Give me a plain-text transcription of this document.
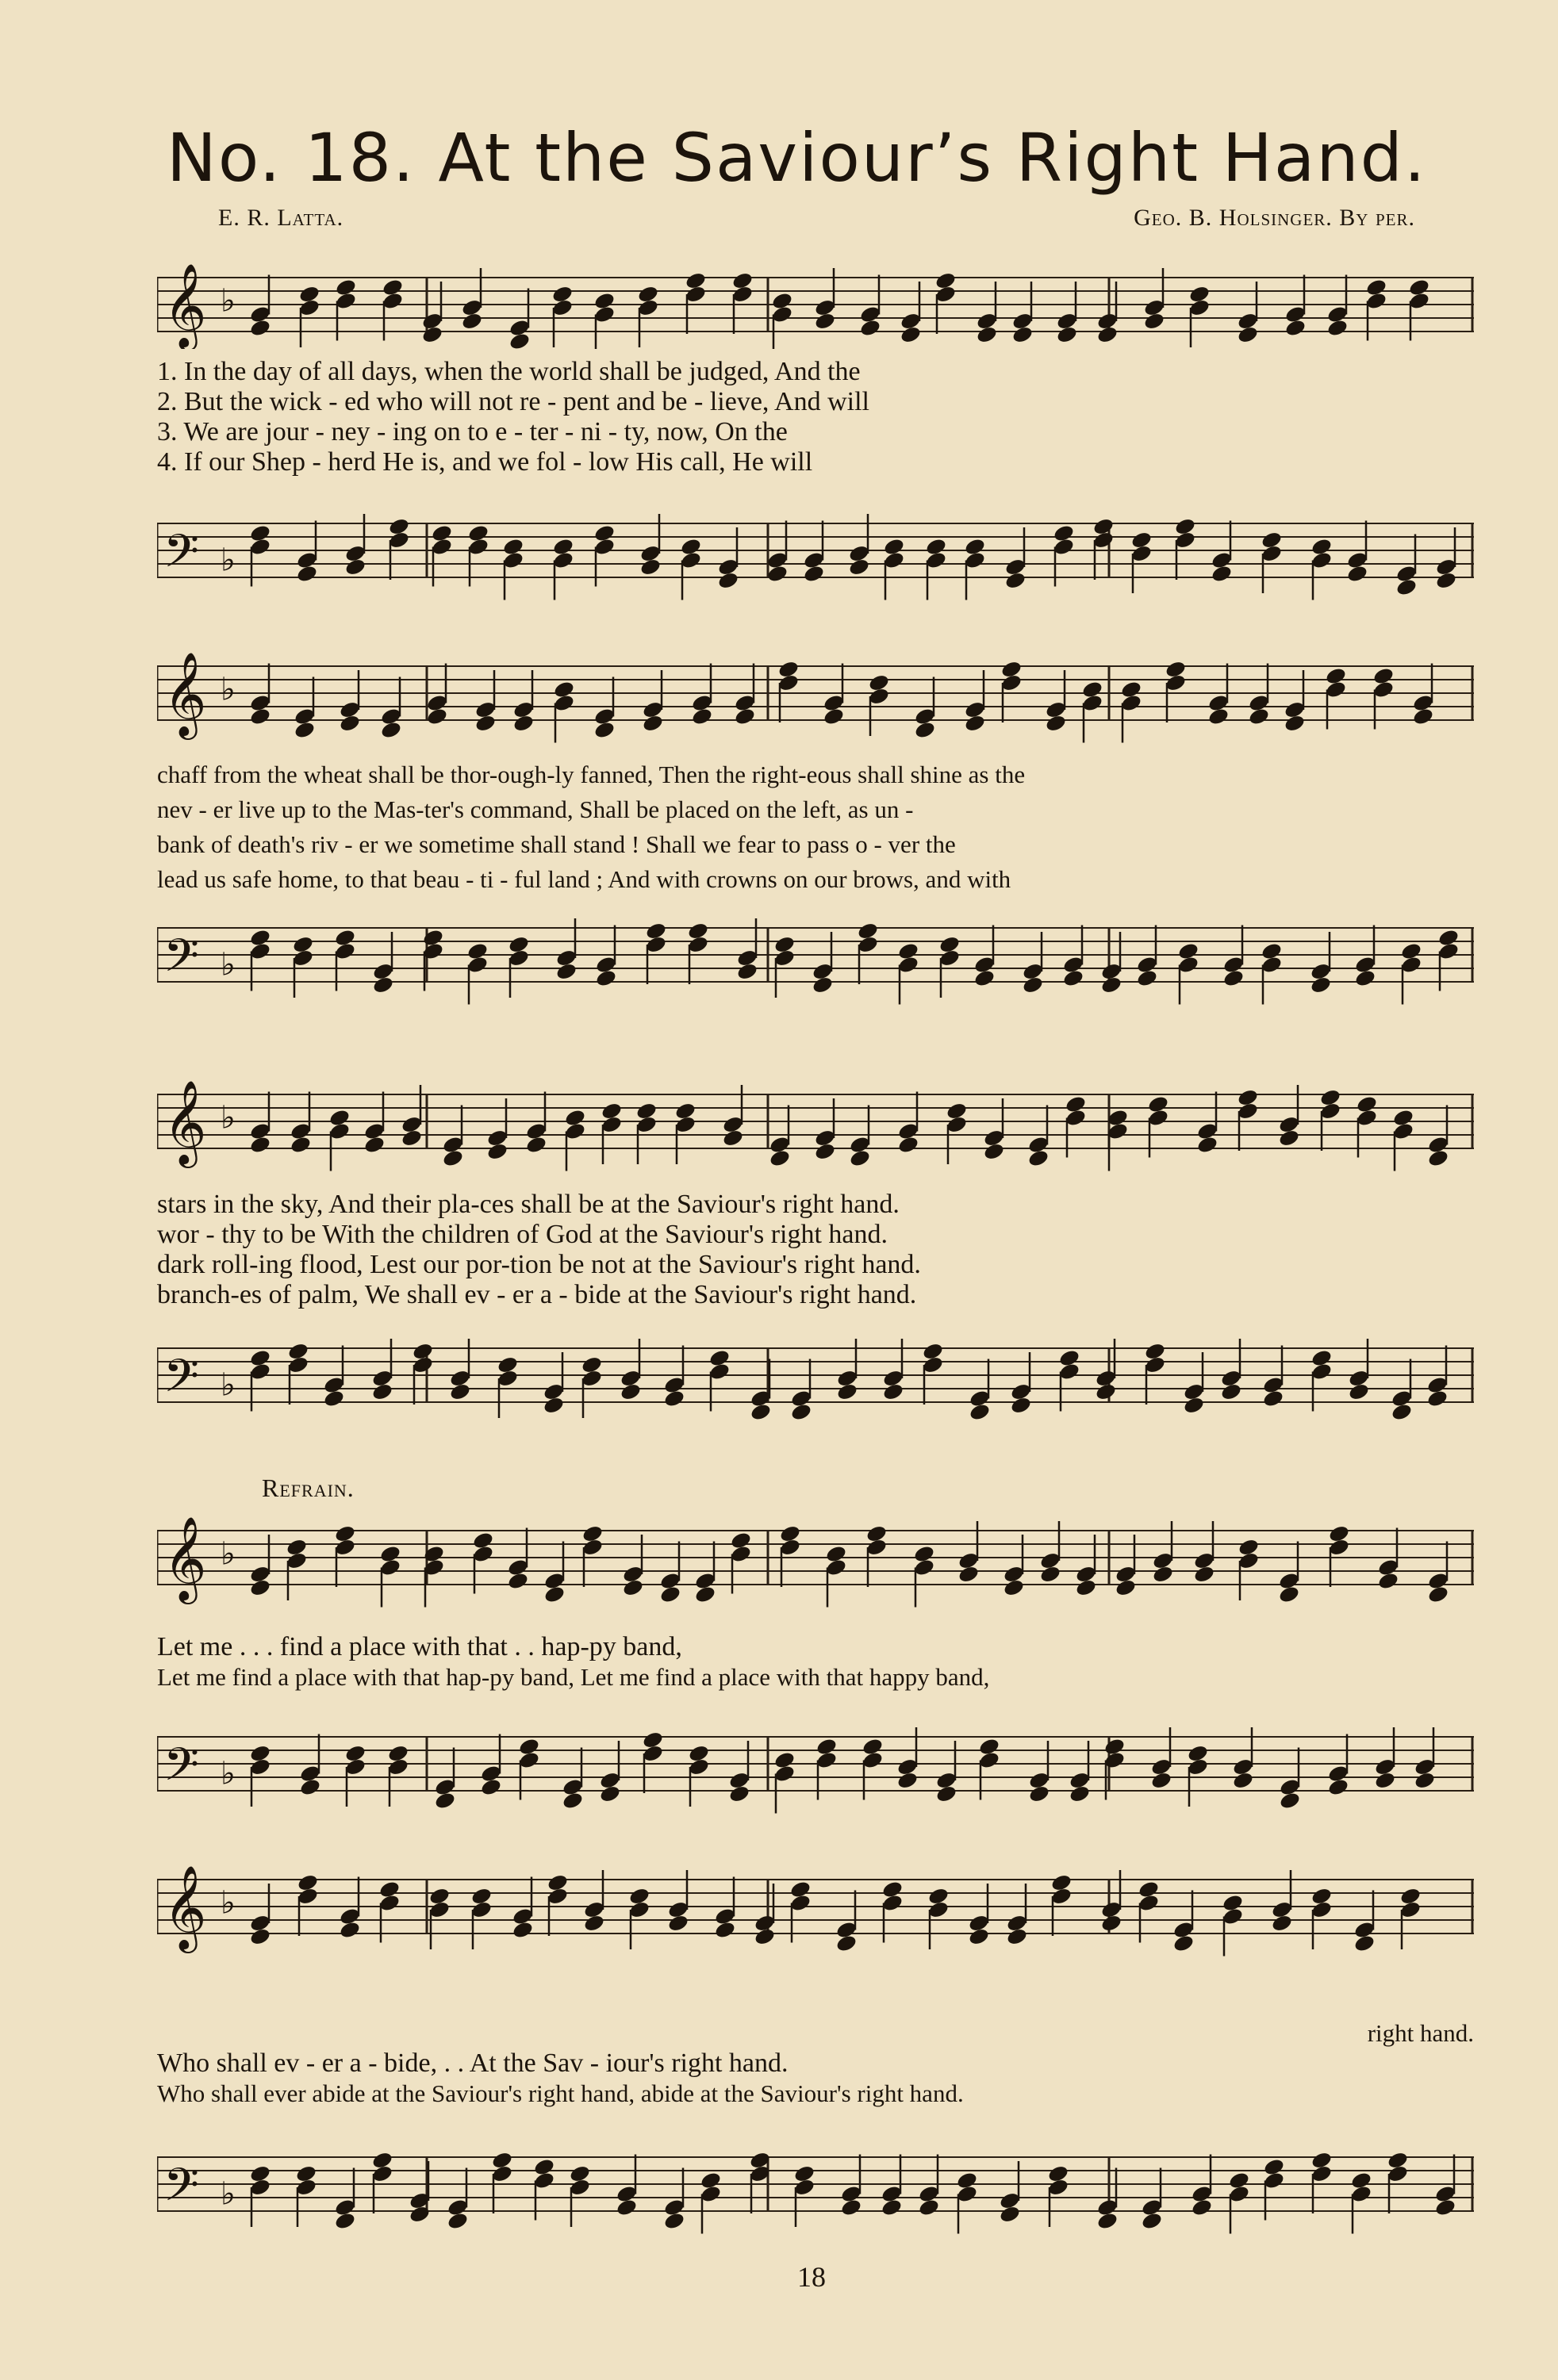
No. 18. At the Saviour’s Right Hand.
E. R. Latta.	Geo. B. Holsinger. By per.
𝄞 ♭
1. In the day of all days, when the world shall be judged, And the
2. But the wick - ed who will not re - pent and be - lieve, And will
3. We are jour - ney - ing on to e - ter - ni - ty, now, On the
4. If our Shep - herd He is, and we fol - low His call, He will
𝄢 ♭
𝄞 ♭
chaff from the wheat shall be thor-ough-ly fanned, Then the right-eous shall shine as the
nev - er live up to the Mas-ter's command, Shall be placed on the left, as un -
bank of death's riv - er we sometime shall stand ! Shall we fear to pass o - ver the
lead us safe home, to that beau - ti - ful land ; And with crowns on our brows, and with
𝄢 ♭
𝄞 ♭
stars in the sky, And their pla-ces shall be at the Saviour's right hand.
wor - thy to be With the children of God at the Saviour's right hand.
dark roll-ing flood, Lest our por-tion be not at the Saviour's right hand.
branch-es of palm, We shall ev - er a - bide at the Saviour's right hand.
𝄢 ♭
Refrain.
𝄞 ♭
Let me . . . find a place with that . . hap-py band,
Let me find a place with that hap-py band, Let me find a place with that happy band,
𝄢 ♭
𝄞 ♭
right hand.
Who shall ev - er a - bide, . . At the Sav - iour's right hand.
Who shall ever abide at the Saviour's right hand, abide at the Saviour's right hand.
𝄢 ♭
18
